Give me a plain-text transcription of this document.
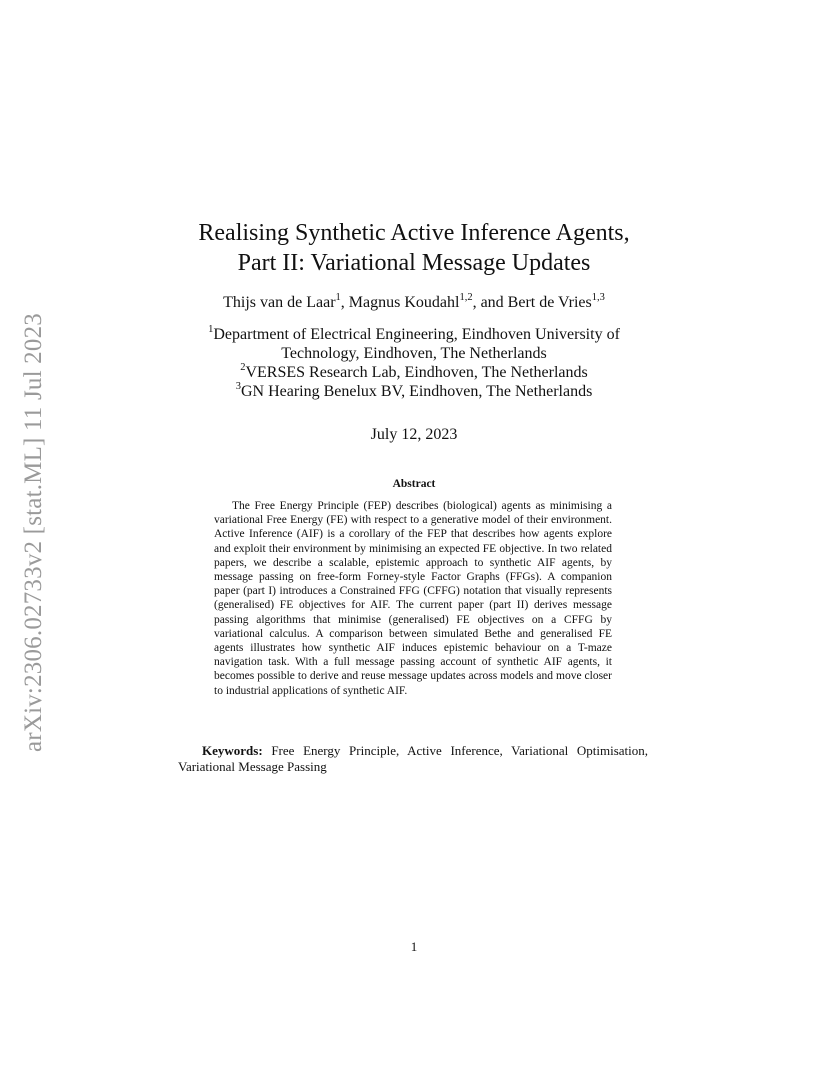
arXiv:2306.02733v2 [stat.ML] 11 Jul 2023
Realising Synthetic Active Inference Agents,
Part II: Variational Message Updates
Thijs van de Laar$^1$, Magnus Koudahl$^{1,2}$, and Bert de Vries$^{1,3}$
$^1$Department of Electrical Engineering, Eindhoven University of
Technology, Eindhoven, The Netherlands
$^2$VERSES Research Lab, Eindhoven, The Netherlands
$^3$GN Hearing Benelux BV, Eindhoven, The Netherlands
July 12, 2023
Abstract

The Free Energy Principle (FEP) describes (biological) agents as minimising a variational Free Energy (FE) with respect to a generative model of their environment. Active Inference (AIF) is a corollary of the FEP that describes how agents explore and exploit their environment by minimising an expected FE objective. In two related papers, we describe a scalable, epistemic approach to synthetic AIF agents, by message passing on free-form Forney-style Factor Graphs (FFGs). A companion paper (part I) introduces a Constrained FFG (CFFG) notation that visually represents (generalised) FE objectives for AIF. The current paper (part II) derives message passing algorithms that minimise (generalised) FE objectives on a CFFG by variational calculus. A comparison between simulated Bethe and generalised FE agents illustrates how synthetic AIF induces epistemic behaviour on a T-maze navigation task. With a full message passing account of synthetic AIF agents, it becomes possible to derive and reuse message updates across models and move closer to industrial applications of synthetic AIF.

Keywords: Free Energy Principle, Active Inference, Variational Optimisation, Variational Message Passing

1
